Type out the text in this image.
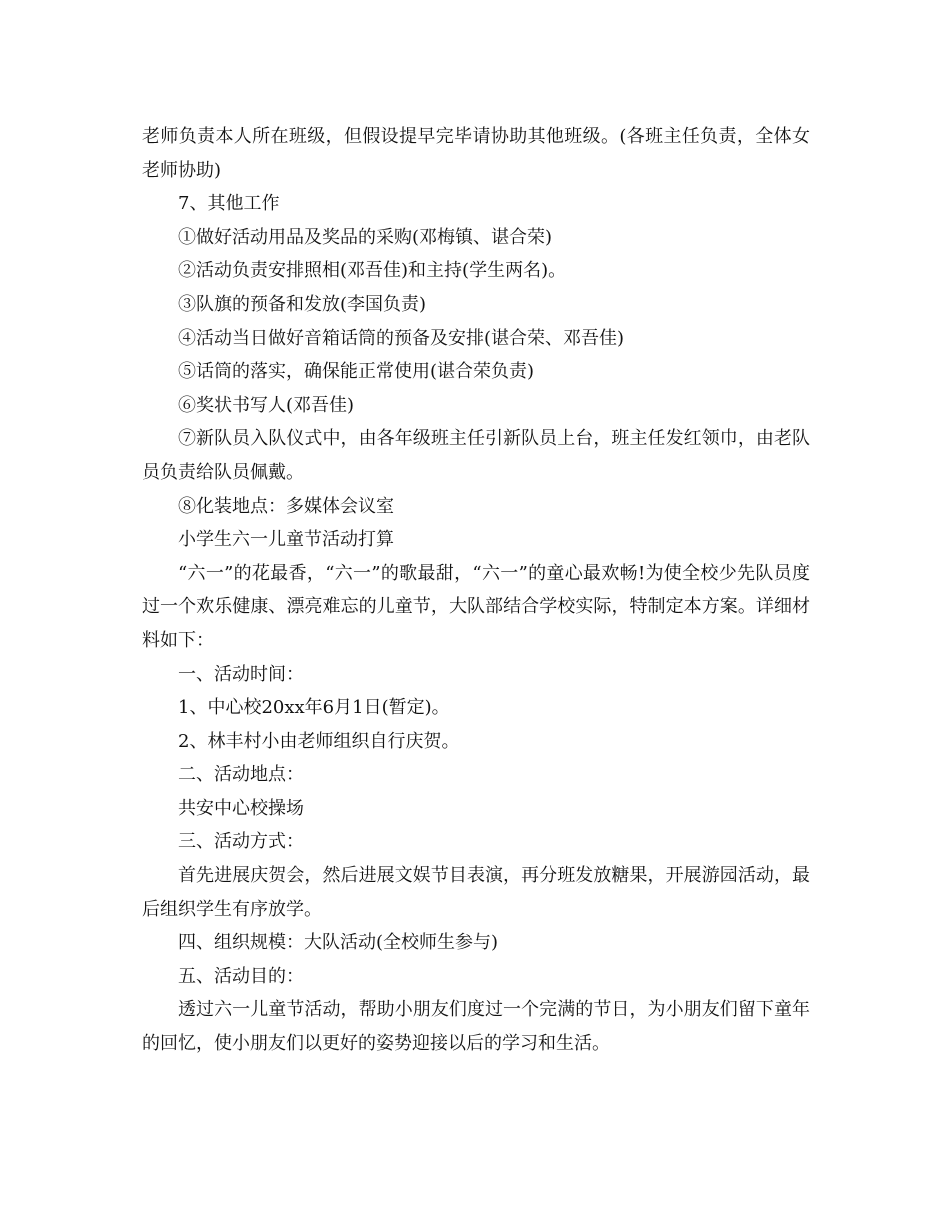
老师负责本人所在班级，但假设提早完毕请协助其他班级。(各班主任负责，全体女老师协助)

7、其他工作

①做好活动用品及奖品的采购(邓梅镇、谌合荣)

②活动负责安排照相(邓吾佳)和主持(学生两名)。

③队旗的预备和发放(李国负责)

④活动当日做好音箱话筒的预备及安排(谌合荣、邓吾佳)

⑤话筒的落实，确保能正常使用(谌合荣负责)

⑥奖状书写人(邓吾佳)

⑦新队员入队仪式中，由各年级班主任引新队员上台，班主任发红领巾，由老队员负责给队员佩戴。

⑧化装地点：多媒体会议室

小学生六一儿童节活动打算

“六一”的花最香，“六一”的歌最甜，“六一”的童心最欢畅!为使全校少先队员度过一个欢乐健康、漂亮难忘的儿童节，大队部结合学校实际，特制定本方案。详细材料如下：

一、活动时间：

1、中心校20xx年6月1日(暂定)。

2、林丰村小由老师组织自行庆贺。

二、活动地点：

共安中心校操场

三、活动方式：

首先进展庆贺会，然后进展文娱节目表演，再分班发放糖果，开展游园活动，最后组织学生有序放学。

四、组织规模：大队活动(全校师生参与)

五、活动目的：

透过六一儿童节活动，帮助小朋友们度过一个完满的节日，为小朋友们留下童年的回忆，使小朋友们以更好的姿势迎接以后的学习和生活。
